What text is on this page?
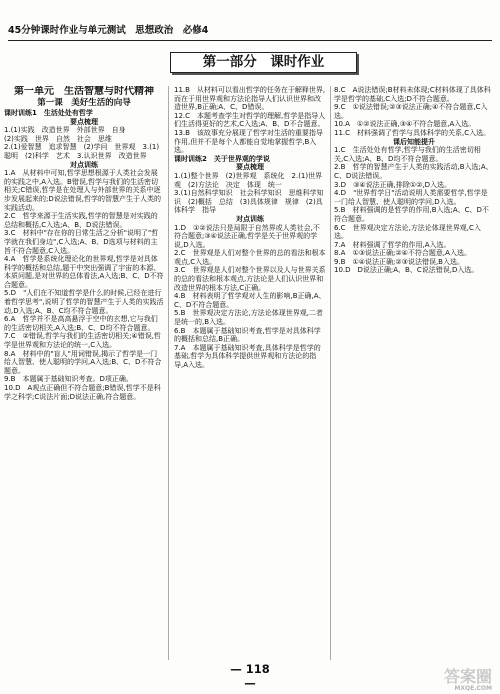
45分钟课时作业与单元测试　思想政治　必修4
第一部分　课时作业

第一单元　生活智慧与时代精神

第一课　美好生活的向导

课时训练1　生活处处有哲学

要点梳理

1.(1)实践　改造世界　外部世界　自身

(2)实践　世界　自然　社会　思维

2.(1)爱智慧　追求智慧　(2)学问　世界观　3.(1)聪明　(2)科学　艺术　3.认识世界　改造世界

对点训练

1.A　从材料中可知,哲学思想根源于人类社会发展的实践之中,A入选。B错误,哲学与我们的生活密切相关;C错误,哲学是在处理人与外部世界的关系中逐步发展起来的;D说法错误,哲学的智慧产生于人类的实践活动。

2.C　哲学来源于生活实践,哲学的智慧是对实践的总结和概括,C入选;A、B、D说法错误。

3.C　材料中"存在你的日常生活之分析"说明了"哲学就在我们身边",C入选;A、B、D选项与材料的主旨不符合题意,C入选。

4.A　哲学是系统化理论化的世界观,哲学是对具体科学的概括和总结,题干中突出强调了宇宙的本源、本质问题,是对世界的总体看法,A入选;B、C、D不符合题意。

5.D　"人们在不知道哲学是什么的时候,已经在进行着哲学思考",说明了哲学的智慧产生于人类的实践活动,D入选;A、B、C均不符合题意。

6.A　哲学并不是高高悬浮于空中的玄想,它与我们的生活密切相关,A入选;B、C、D均不符合题意。

7.C　②错误,哲学与我们的生活密切相关;④错误,哲学是世界观和方法论的统一,C入选。

8.A　材料中的"盲人"用词错误,揭示了哲学是一门给人智慧、使人聪明的学问,A入选;B、C、D不符合题意。

9.B　本题属于基础知识考查。D项正确。

10.D　A观点正确但不符合题意;B错误,哲学不是科学之科学;C说法片面;D说法正确,符合题意。

11.B　从材料可以看出哲学的任务在于解释世界,而在于用世界观和方法论指导人们认识世界和改造世界,B正确;A、C、D错误。

12.C　本题考查学生对哲学的理解,哲学是指导人们生活得更好的艺术,C入选;A、B、D不合题意。

13.B　该故事充分展现了哲学对生活的重要指导作用,但并不是每个人都能自觉地掌握哲学,B入选。

课时训练2　关于世界观的学说

要点梳理

1.(1)整个世界　(2)世界观　系统化　2.(1)世界观　(2)方法论　决定　体现　统一

3.(1)自然科学知识　社会科学知识　思维科学知识　(2)概括　总结　(3)具体规律　规律　(2)具体科学　指导

对点训练

1.D　①②说法只是局限于自然界或人类社会,不符合题意;③④说法正确,哲学是关于世界观的学说,D入选。

2.C　世界观是人们对整个世界的总的看法和根本观点,C入选。

3.C　世界观是人们对整个世界以及人与世界关系的总的看法和根本观点,方法论是人们认识世界和改造世界的根本方法,C正确。

4.B　材料表明了哲学观对人生的影响,B正确,A、C、D不符合题意。

5.B　世界观决定方法论,方法论体现世界观,二者是统一的,B入选。

6.B　本题属于基础知识考查,哲学是对具体科学的概括和总结,B正确。

7.A　本题属于基础知识考查,具体科学是哲学的基础,哲学为具体科学提供世界观和方法论的指导,A入选。

8.C　A说法错误;B材料未体现;C材料体现了具体科学是哲学的基础,C入选;D不符合题意。

9.C　①说法错误;②③说法正确;④不符合题意,C入选。

10.A　①②说法正确,③④不符合题意,A入选。

11.C　材料强调了哲学与具体科学的关系,C入选。

课后知能提升

1.C　生活处处有哲学,哲学与我们的生活密切相关,C入选;A、B、D均不符合题意。

2.B　哲学的智慧产生于人类的实践活动,B入选;A、C、D说法错误。

3.D　③④说法正确,排除①②,D入选。

4.D　"世界哲学日"活动说明人类需要哲学,哲学是一门给人智慧、使人聪明的学问,D入选。

5.B　材料强调的是哲学的作用,B入选;A、C、D不符合题意。

6.C　世界观决定方法论,方法论体现世界观,C入选。

7.A　材料强调了哲学的作用,A入选。

8.A　①③说法正确;②④不符合题意,A入选。

9.B　①④说法正确;②③说法错误,B入选。

10.D　D说法正确;A、B、C说法错误,D入选。

— 118 —	答案圈
MXQE.COM
